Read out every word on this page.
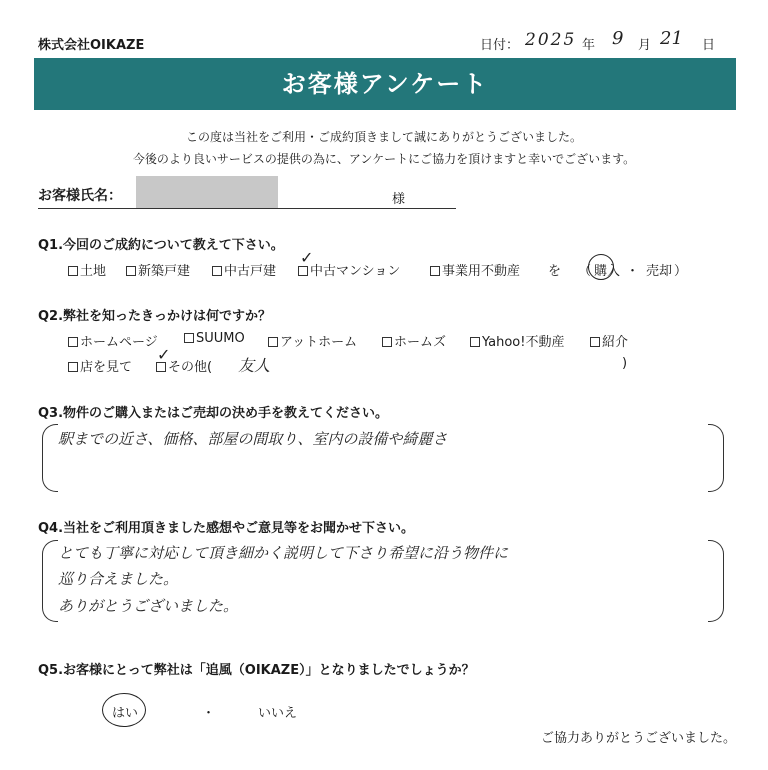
株式会社OIKAZE	日付： 2025 年 9 月 21 日
お客様アンケート
この度は当社をご利用・ご成約頂きまして誠にありがとうございました。
今後のより良いサービスの提供の為に、アンケートにご協力を頂けますと幸いでございます。
お客様氏名：	様
Q1.今回のご成約について教えて下さい。
土地	新築戸建	中古戸建	中古マンション
✓
事業用不動産 を （ 購入 ・ 売却 ）
Q2.弊社を知ったきっかけは何ですか？
ホームページ	SUUMO	アットホーム	ホームズ	Yahoo!不動産	紹介
店を見て	その他(
✓
友人	)
Q3.物件のご購入またはご売却の決め手を教えてください。
駅までの近さ、価格、部屋の間取り、室内の設備や綺麗さ
Q4.当社をご利用頂きました感想やご意見等をお聞かせ下さい。
とても丁寧に対応して頂き細かく説明して下さり希望に沿う物件に
巡り合えました。
ありがとうございました。
Q5.お客様にとって弊社は「追風（OIKAZE）」となりましたでしょうか？
はい	・	いいえ
ご協力ありがとうございました。
